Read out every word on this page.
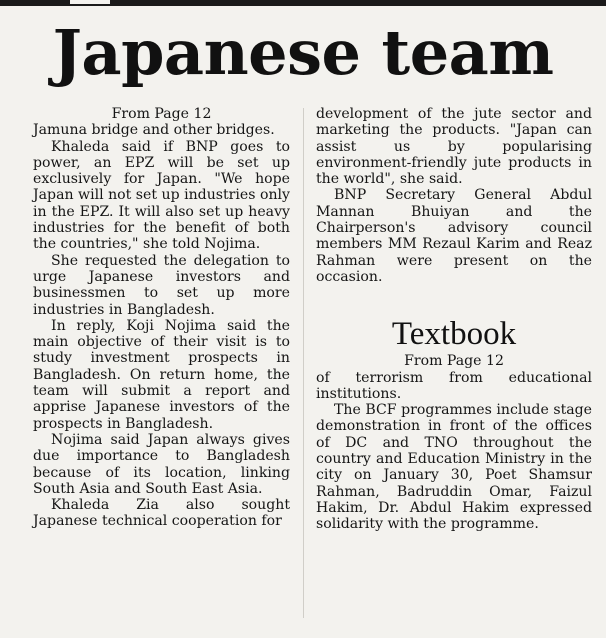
Japanese team
From Page 12

Jamuna bridge and other bridges.

Khaleda said if BNP goes to power, an EPZ will be set up exclusively for Japan. "We hope Japan will not set up industries only in the EPZ. It will also set up heavy industries for the benefit of both the countries," she told Nojima.

She requested the delegation to urge Japanese investors and businessmen to set up more industries in Bangladesh.

In reply, Koji Nojima said the main objective of their visit is to study investment prospects in Bangladesh. On return home, the team will submit a report and apprise Japanese investors of the prospects in Bangladesh.

Nojima said Japan always gives due importance to Bangladesh because of its location, linking South Asia and South East Asia.

Khaleda Zia also sought Japanese technical cooperation for

development of the jute sector and marketing the products. "Japan can assist us by popularising environment-friendly jute products in the world", she said.

BNP Secretary General Abdul Mannan Bhuiyan and the Chairperson's advisory council members MM Rezaul Karim and Reaz Rahman were present on the occasion.

Textbook
From Page 12

of terrorism from educational institutions.

The BCF programmes include stage demonstration in front of the offices of DC and TNO throughout the country and Education Ministry in the city on January 30, Poet Shamsur Rahman, Badruddin Omar, Faizul Hakim, Dr. Abdul Hakim expressed solidarity with the programme.
